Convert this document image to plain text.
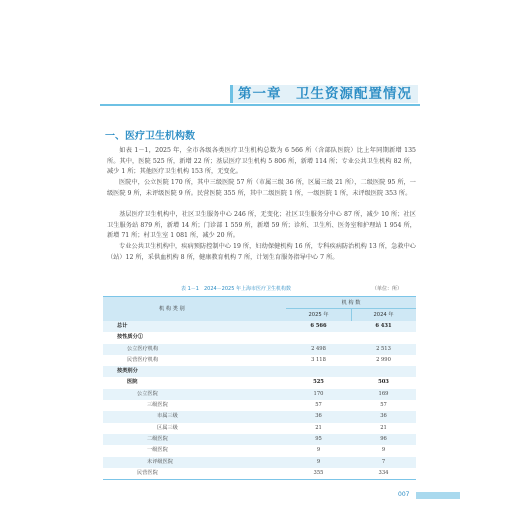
第一章　卫生资源配置情况
一、医疗卫生机构数
如表 1－1，2025 年，全市各级各类医疗卫生机构总数为 6 566 所（含部队医院）比上年同期新增 135 所。其中，医院 525 所，新增 22 所；基层医疗卫生机构 5 806 所，新增 114 所；专业公共卫生机构 82 所，减少 1 所；其他医疗卫生机构 153 所，无变化。
医院中，公立医院 170 所，其中三级医院 57 所（市属三级 36 所，区属三级 21 所），二级医院 95 所，一级医院 9 所，未评级医院 9 所。民营医院 355 所，其中二级医院 1 所，一级医院 1 所，未评级医院 353 所。
基层医疗卫生机构中，社区卫生服务中心 246 所，无变化；社区卫生服务分中心 87 所，减少 10 所；社区卫生服务站 879 所，新增 14 所；门诊部 1 559 所，新增 59 所；诊所、卫生所、医务室和护理站 1 954 所，新增 71 所；村卫生室 1 081 所，减少 20 所。
专业公共卫生机构中，疾病预防控制中心 19 所，妇幼保健机构 16 所，专科疾病防治机构 13 所，急救中心（站）12 所，采供血机构 8 所，健康教育机构 7 所，计划生育服务指导中心 7 所。
表 1－1　2024－2025 年上海市医疗卫生机构数	（单位：所）
机 构 类 别
机 构 数
2025 年	2024 年
总计	6 566	6 431
按性质分①
公立医疗机构	2 498	2 513
民营医疗机构	3 118	2 990
按类别分
医院	525	503
公立医院	170	169
三级医院	57	57
市属三级	36	36
区属三级	21	21
二级医院	95	96
一级医院	9	9
未评级医院	9	7
民营医院	355	334
007
